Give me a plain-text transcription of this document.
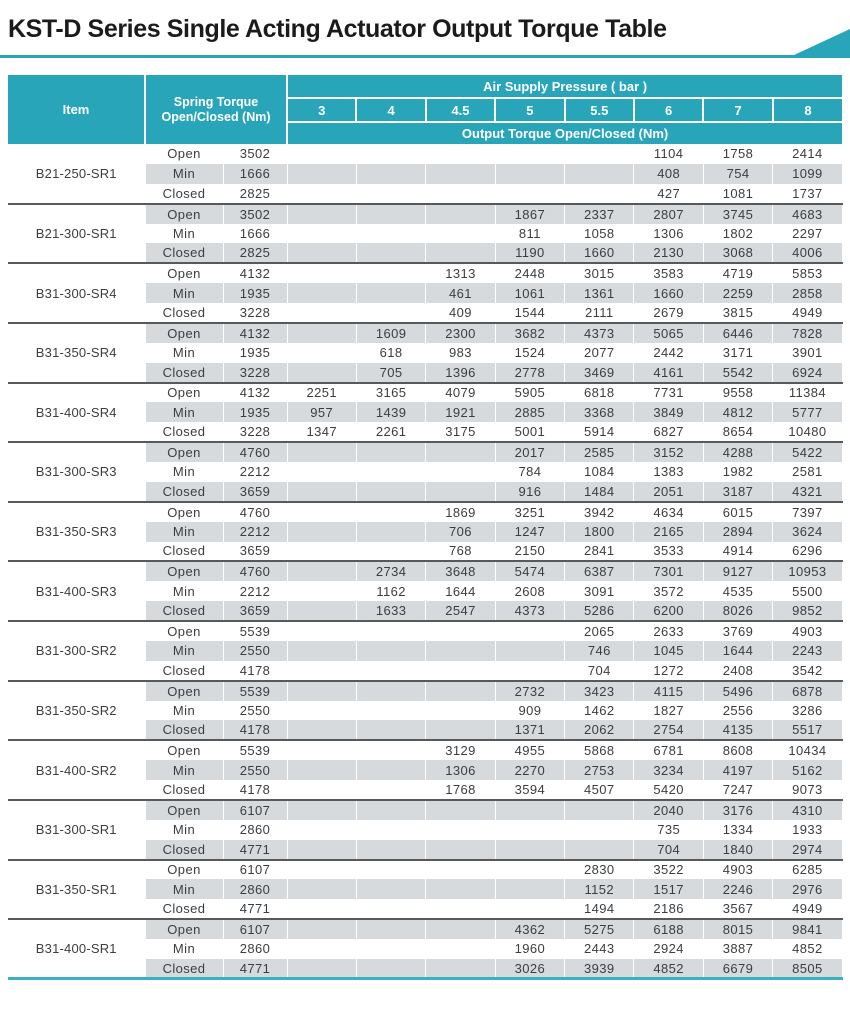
KST-D Series Single Acting Actuator Output Torque Table
Item	Spring Torque
Open/Closed (Nm)		Air Supply Pressure ( bar )							
			3	4	4.5	5	5.5	6	7	8
			Output Torque Open/Closed (Nm)							
B21-250-SR1	Open	3502						1104	1758	2414
	Min	1666						408	754	1099
	Closed	2825						427	1081	1737
B21-300-SR1	Open	3502				1867	2337	2807	3745	4683
	Min	1666				811	1058	1306	1802	2297
	Closed	2825				1190	1660	2130	3068	4006
B31-300-SR4	Open	4132			1313	2448	3015	3583	4719	5853
	Min	1935			461	1061	1361	1660	2259	2858
	Closed	3228			409	1544	2111	2679	3815	4949
B31-350-SR4	Open	4132		1609	2300	3682	4373	5065	6446	7828
	Min	1935		618	983	1524	2077	2442	3171	3901
	Closed	3228		705	1396	2778	3469	4161	5542	6924
B31-400-SR4	Open	4132	2251	3165	4079	5905	6818	7731	9558	11384
	Min	1935	957	1439	1921	2885	3368	3849	4812	5777
	Closed	3228	1347	2261	3175	5001	5914	6827	8654	10480
B31-300-SR3	Open	4760				2017	2585	3152	4288	5422
	Min	2212				784	1084	1383	1982	2581
	Closed	3659				916	1484	2051	3187	4321
B31-350-SR3	Open	4760			1869	3251	3942	4634	6015	7397
	Min	2212			706	1247	1800	2165	2894	3624
	Closed	3659			768	2150	2841	3533	4914	6296
B31-400-SR3	Open	4760		2734	3648	5474	6387	7301	9127	10953
	Min	2212		1162	1644	2608	3091	3572	4535	5500
	Closed	3659		1633	2547	4373	5286	6200	8026	9852
B31-300-SR2	Open	5539					2065	2633	3769	4903
	Min	2550					746	1045	1644	2243
	Closed	4178					704	1272	2408	3542
B31-350-SR2	Open	5539				2732	3423	4115	5496	6878
	Min	2550				909	1462	1827	2556	3286
	Closed	4178				1371	2062	2754	4135	5517
B31-400-SR2	Open	5539			3129	4955	5868	6781	8608	10434
	Min	2550			1306	2270	2753	3234	4197	5162
	Closed	4178			1768	3594	4507	5420	7247	9073
B31-300-SR1	Open	6107						2040	3176	4310
	Min	2860						735	1334	1933
	Closed	4771						704	1840	2974
B31-350-SR1	Open	6107					2830	3522	4903	6285
	Min	2860					1152	1517	2246	2976
	Closed	4771					1494	2186	3567	4949
B31-400-SR1	Open	6107				4362	5275	6188	8015	9841
	Min	2860				1960	2443	2924	3887	4852
	Closed	4771				3026	3939	4852	6679	8505
